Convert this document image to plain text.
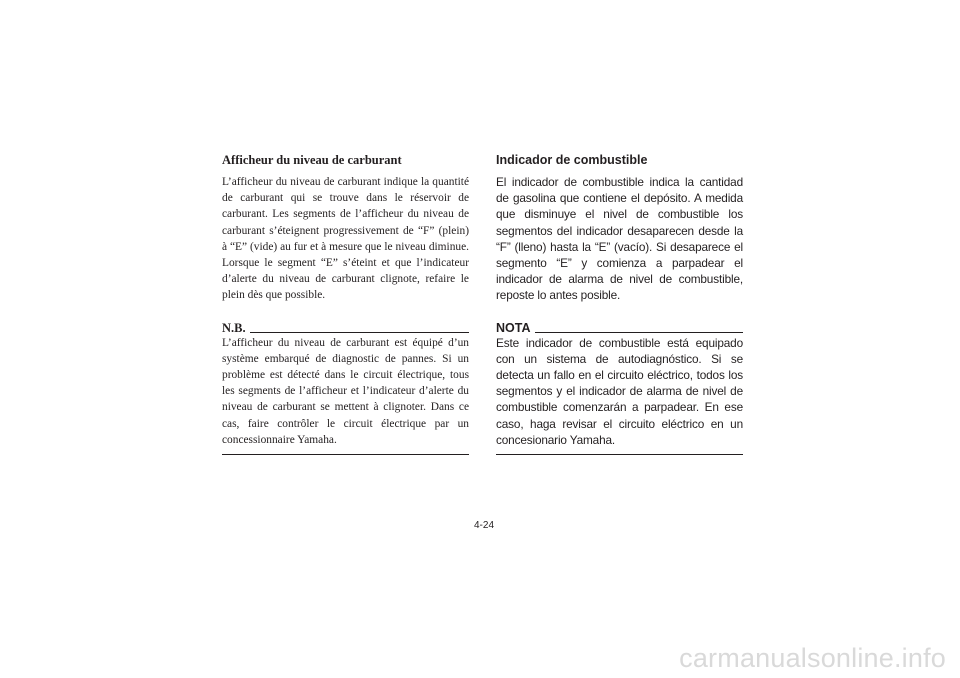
Afficheur du niveau de carburant

L’afficheur du niveau de carburant indique la quantité de carburant qui se trouve dans le réservoir de carburant. Les segments de l’afficheur du niveau de carburant s’éteignent progressivement de “F” (plein) à “E” (vide) au fur et à mesure que le niveau diminue. Lorsque le segment “E” s’éteint et que l’indicateur d’alerte du niveau de carburant clignote, refaire le plein dès que possible.

N.B.

L’afficheur du niveau de carburant est équipé d’un système embarqué de diagnostic de pannes. Si un problème est détecté dans le circuit électrique, tous les segments de l’afficheur et l’indicateur d’alerte du niveau de carburant se mettent à clignoter. Dans ce cas, faire contrôler le circuit électrique par un concessionnaire Yamaha.

Indicador de combustible

El indicador de combustible indica la cantidad de gasolina que contiene el depósito. A medida que disminuye el nivel de combustible los segmentos del indicador desaparecen desde la “F” (lleno) hasta la “E” (vacío). Si desaparece el segmento “E” y comienza a parpadear el indicador de alarma de nivel de combustible, reposte lo antes posible.

NOTA

Este indicador de combustible está equipado con un sistema de autodiagnóstico. Si se detecta un fallo en el circuito eléctrico, todos los segmentos y el indicador de alarma de nivel de combustible comenzarán a parpadear. En ese caso, haga revisar el circuito eléctrico en un concesionario Yamaha.

4-24
carmanualsonline.info
